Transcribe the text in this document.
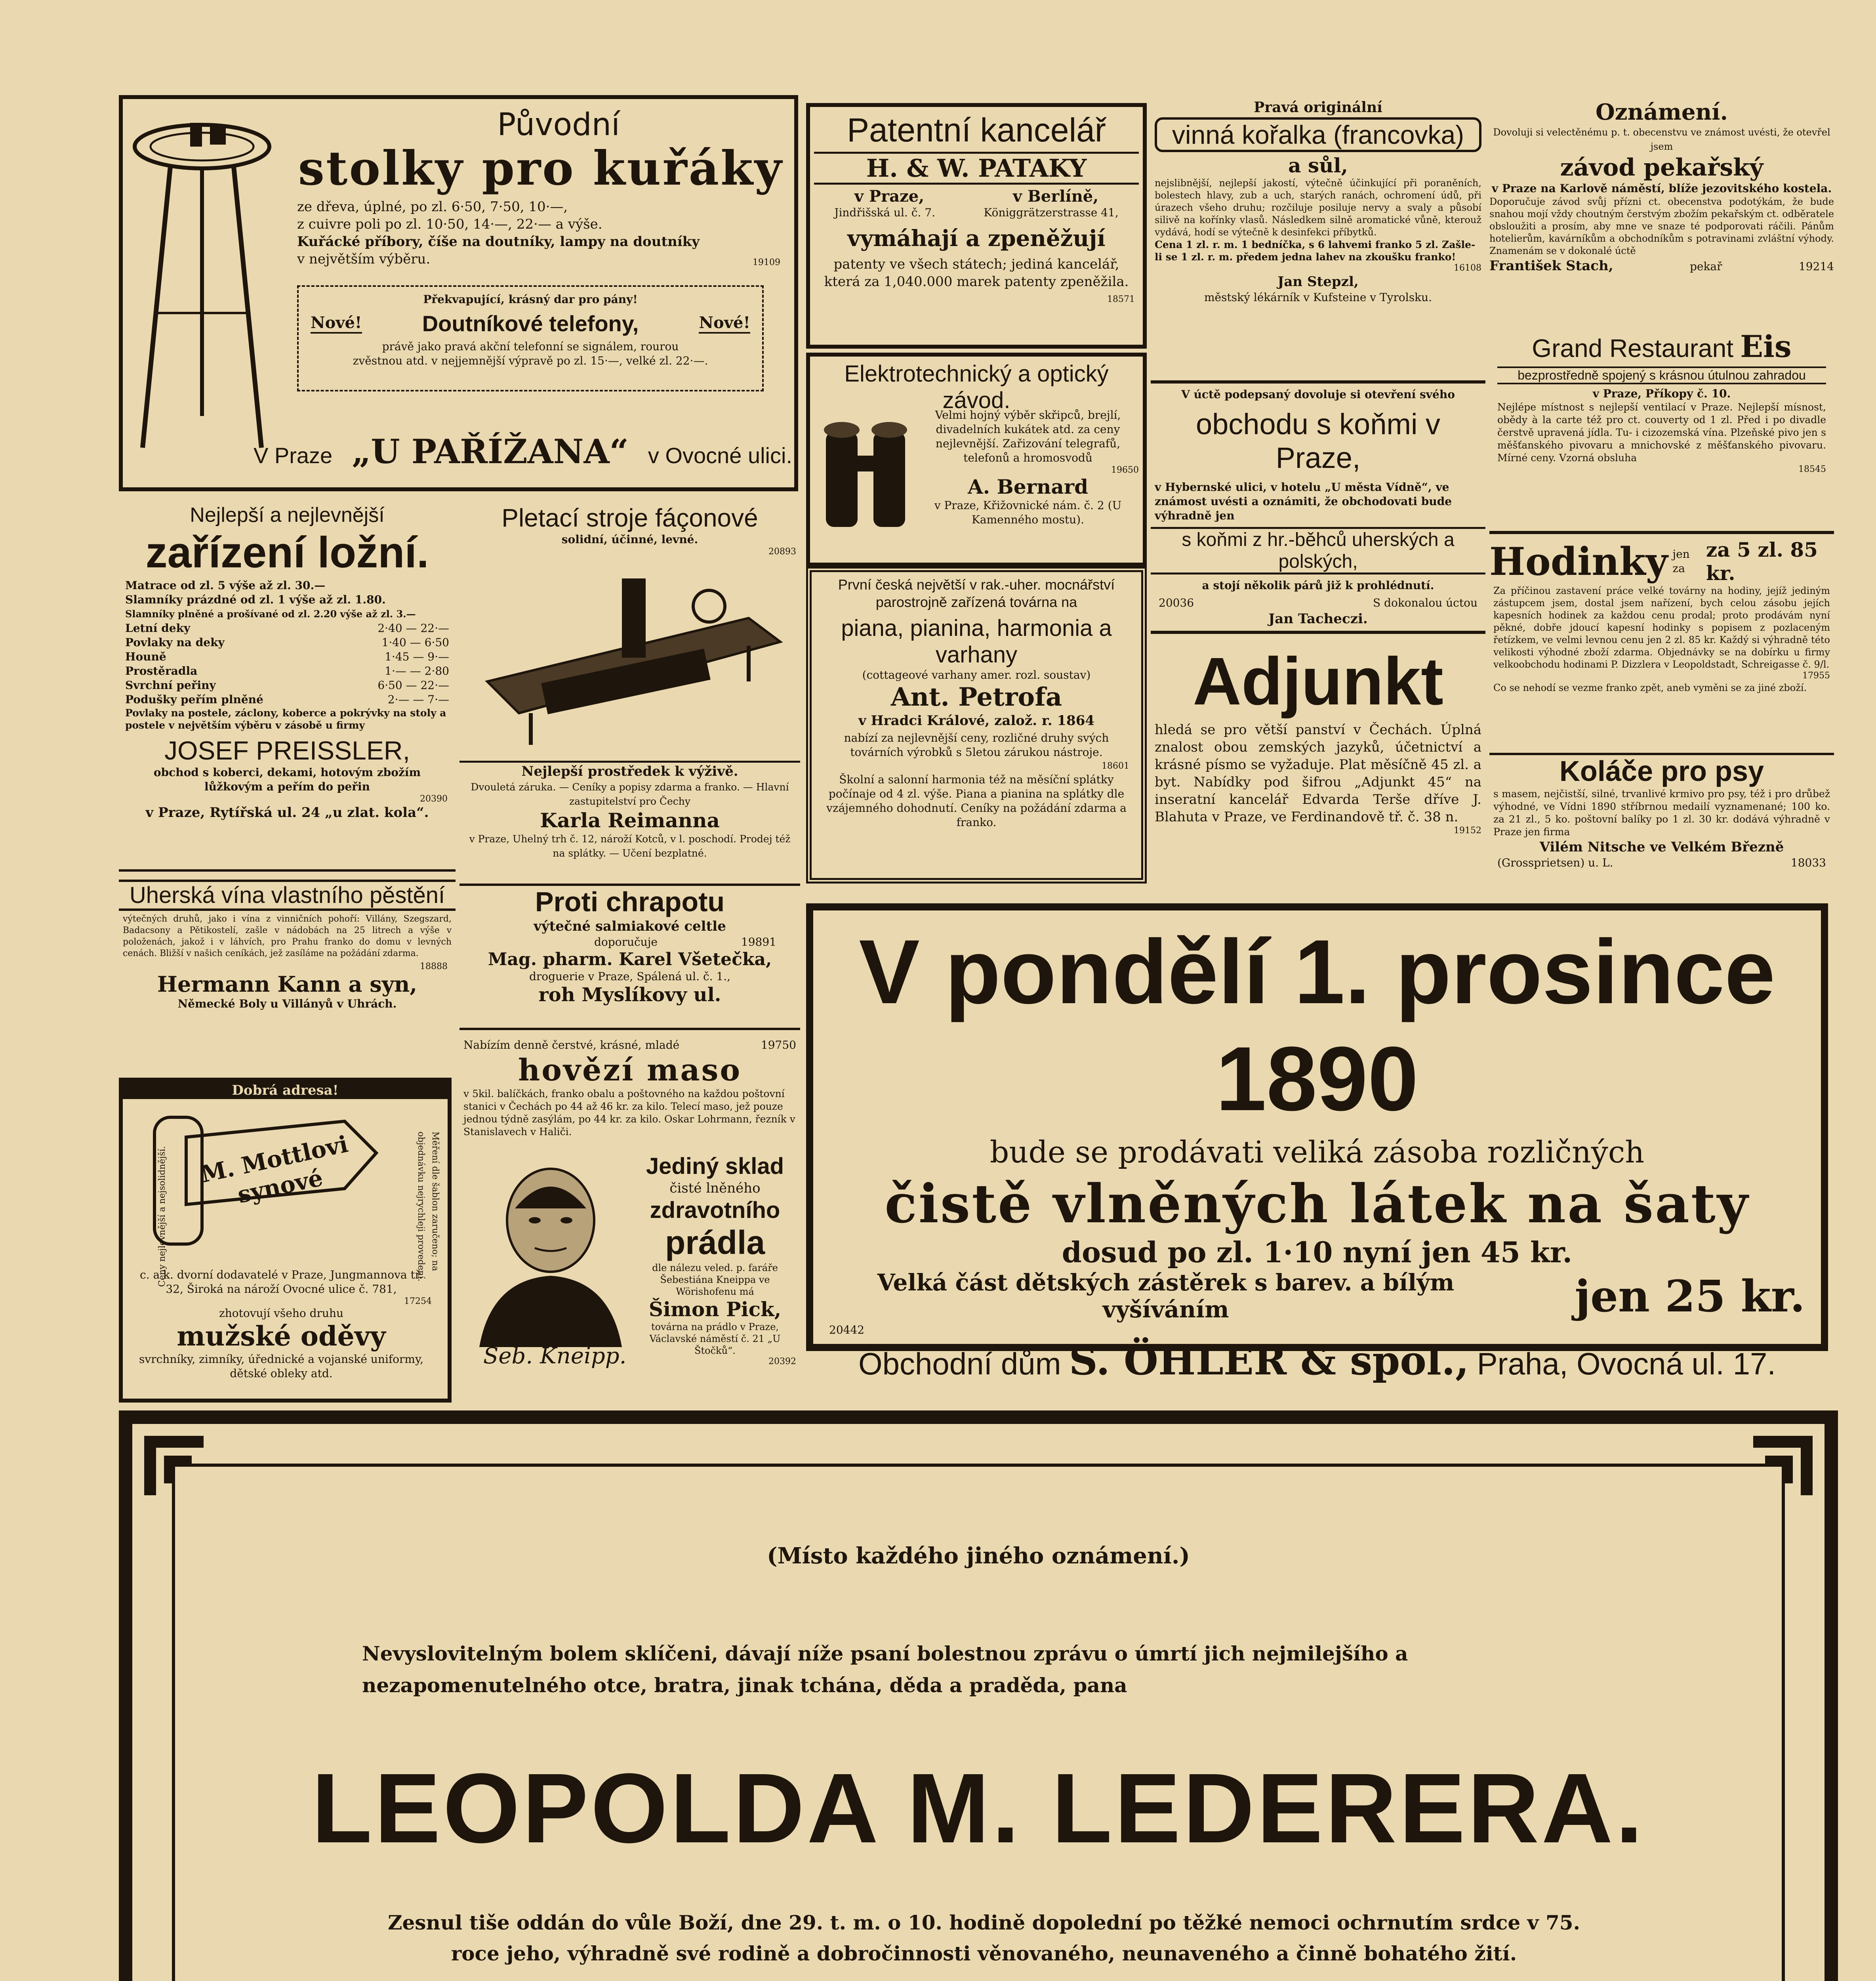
Původní
stolky pro kuřáky

ze dřeva, úplné, po zl. 6·50, 7·50, 10·—,

z cuivre poli po zl. 10·50, 14·—, 22·— a výše.

Kuřácké příbory, číše na doutníky, lampy na doutníky

v největším výběru.	19109
Překvapující, krásný dar pro pány!
Nové!	Doutníkové telefony,	Nové!

právě jako pravá akční telefonní se signálem, rourou

zvěstnou atd. v nejjemnější výpravě po zl. 15·—, velké zl. 22·—.

V Praze „U PAŘÍŽANA“ v Ovocné ulici.
Patentní kancelář
H. & W. PATAKY
v Praze,	v Berlíně,
Jindřišská ul. č. 7.	Königgrätzerstrasse 41,
vymáhají a zpeněžují

patenty ve všech státech; jediná kancelář, která za 1,040.000 marek patenty zpeněžila.

18571
Elektrotechnický a optický závod.

Velmi hojný výběr skřipců, brejlí, divadelních kukátek atd. za ceny nejlevnější. Zařizování telegrafů, telefonů a hromosvodů

19650
A. Bernard

v Praze, Křižovnické nám. č. 2 (U Kamenného mostu).

První česká největší v rak.-uher. mocnářství parostrojně zařízená továrna na

piana, pianina, harmonia a varhany
(cottageové varhany amer. rozl. soustav)
Ant. Petrofa
v Hradci Králové, založ. r. 1864

nabízí za nejlevnější ceny, rozličné druhy svých továrních výrobků s 5letou zárukou nástroje.

18601

Školní a salonní harmonia též na měsíční splátky počínaje od 4 zl. výše. Piana a pianina na splátky dle vzájemného dohodnutí. Ceníky na požádání zdarma a franko.

Pravá originální
vinná kořalka (francovka)
a sůl,

nejslibnější, nejlepší jakostí, výtečně účinkující při poraněních, bolestech hlavy, zub a uch, starých ranách, ochromení údů, při úrazech všeho druhu; rozčiluje posiluje nervy a svaly a působí silivě na kořínky vlasů. Následkem silně aromatické vůně, kterouž vydává, hodí se výtečně k desinfekci příbytků.

Cena 1 zl. r. m. 1 bedníčka, s 6 lahvemi franko 5 zl. Zašle-li se 1 zl. r. m. předem jedna lahev na zkoušku franko!

16108
Jan Stepzl,
městský lékárník v Kufsteine v Tyrolsku.
V úctě podepsaný dovoluje si otevření svého
obchodu s koňmi v Praze,

v Hybernské ulici, v hotelu „U města Vídně“, ve známost uvésti a oznámiti, že obchodovati bude výhradně jen

s koňmi z hr.-běhců uherských a polských,
a stojí několik párů již k prohlédnutí.
20036	S dokonalou úctou
Jan Tacheczi.
Adjunkt

hledá se pro větší panství v Čechách. Úplná znalost obou zemských jazyků, účetnictví a krásné písmo se vyžaduje. Plat měsíčně 45 zl. a byt. Nabídky pod šifrou „Adjunkt 45“ na inseratní kancelář Edvarda Terše dříve J. Blahuta v Praze, ve Ferdinandově tř. č. 38 n.

19152
Oznámení.

Dovoluji si velectěnému p. t. obecenstvu ve známost uvésti, že otevřel jsem

závod pekařský
v Praze na Karlově náměstí, blíže jezovitského kostela.

Doporučuje závod svůj přízni ct. obecenstva podotýkám, že bude snahou mojí vždy choutným čerstvým zbožím pekařským ct. odběratele obsloužiti a prosím, aby mne ve snaze té podporovati ráčili. Pánům hotelierům, kavárníkům a obchodníkům s potravinami zvláštní výhody. Znamenám se v dokonalé úctě

František Stach,	pekař	19214
Grand Restaurant Eis
bezprostředně spojený s krásnou útulnou zahradou
v Praze, Příkopy č. 10.

Nejlépe místnost s nejlepší ventilací v Praze. Nejlepší mísnost, obědy à la carte též pro ct. couverty od 1 zl. Před i po divadle čerstvě upravená jídla. Tu- i cizozemská vína. Plzeňské pivo jen s měšťanského pivovaru a mnichovské z měšťanského pivovaru. Mírné ceny. Vzorná obsluha

18545
Hodinky jen za
za 5 zl. 85 kr.

Za příčinou zastavení práce velké továrny na hodiny, jejíž jediným zástupcem jsem, dostal jsem nařízení, bych celou zásobu jejích kapesních hodinek za každou cenu prodal; proto prodávám nyní pěkné, dobře jdoucí kapesní hodinky s popisem z pozlaceným řetízkem, ve velmi levnou cenu jen 2 zl. 85 kr. Každý si výhradně této velikosti výhodné zboží zdarma. Objednávky se na dobírku u firmy velkoobchodu hodinami P. Dizzlera v Leopoldstadt, Schreigasse č. 9/l.

17955

Co se nehodí se vezme franko zpět, aneb vyměni se za jiné zboží.

Koláče pro psy

s masem, nejčistší, silné, trvanlivé krmivo pro psy, též i pro drůbež výhodné, ve Vídni 1890 stříbrnou medailí vyznamenané; 100 ko. za 21 zl., 5 ko. poštovní balíky po 1 zl. 30 kr. dodává výhradně v Praze jen firma

Vilém Nitsche ve Velkém Březně
(Grossprietsen) u. L.	18033
Nejlepší a nejlevnější
zařízení ložní.
Matrace od zl. 5 výše až zl. 30.—
Slamníky prázdné od zl. 1 výše až zl. 1.80.
Slamníky plněné a prošívané od zl. 2.20 výše až zl. 3.—
Letní deky	2·40 — 22·—
Povlaky na deky	1·40 — 6·50
Houně	1·45 — 9·—
Prostěradla	1·— — 2·80
Svrchní peřiny	6·50 — 22·—
Podušky peřím plněné	2·— — 7·—

Povlaky na postele, záclony, koberce a pokrývky na stoly a postele v největším výběru v zásobě u firmy

JOSEF PREISSLER,

obchod s koberci, dekami, hotovým zbožím lůžkovým a peřím do peřin

20390
v Praze, Rytířská ul. 24 „u zlat. kola“.
Uherská vína vlastního pěstění

výtečných druhů, jako i vína z vinničních pohoří: Villány, Szegszard, Badacsony a Pětikostelí, zašle v nádobách na 25 litrech a výše v položenách, jakož i v láhvích, pro Prahu franko do domu v levných cenách. Bližší v našich ceníkách, jež zasíláme na požádání zdarma.

18888
Hermann Kann a syn,
Německé Boly u Villányů v Uhrách.
Dobrá adresa!
M. Mottlovi synové
Ceny nejlevnější a nejsolidnější.	Měření dle šablon zaručeno; na objednávku nejrychleji provedení.

c. a k. dvorní dodavatelé v Praze, Jungmannova tř. 32, Široká na nároží Ovocné ulice č. 781,

17254
zhotovují všeho druhu
mužské oděvy

svrchníky, zimníky, úřednické a vojanské uniformy, dětské obleky atd.

Pletací stroje fáçonové
solidní, účinné, levné.
20893
Nejlepší prostředek k výživě.

Dvouletá záruka. — Ceníky a popisy zdarma a franko. — Hlavní zastupitelství pro Čechy

Karla Reimanna

v Praze, Uhelný trh č. 12, nároží Kotců, v l. poschodí. Prodej též na splátky. — Učení bezplatné.

Proti chrapotu
výtečné salmiakové celtle
doporučuje	19891
Mag. pharm. Karel Všetečka,
droguerie v Praze, Spálená ul. č. 1.,
roh Myslíkovy ul.
Nabízím denně čerstvé, krásné, mladé	19750
hovězí maso

v 5kil. balíčkách, franko obalu a poštovného na každou poštovní stanici v Čechách po 44 až 46 kr. za kilo. Telecí maso, jež pouze jednou týdně zasýlám, po 44 kr. za kilo. Oskar Lohrmann, řezník v Stanislavech v Haliči.

Seb. Kneipp.
Jediný sklad
čisté lněného
zdravotního
prádla

dle nálezu veled. p. faráře Šebestiána Kneippa ve Wörishofenu má

Šimon Pick,

továrna na prádlo v Praze, Václavské náměstí č. 21 „U Štočků“.

20392
V pondělí 1. prosince 1890
bude se prodávati veliká zásoba rozličných
čistě vlněných látek na šaty
dosud po zl. 1·10 nyní jen 45 kr.
Velká část dětských zástěrek s barev. a bílým vyšíváním	jen 25 kr.
20442
Obchodní dům S. ÖHLER & spol., Praha, Ovocná ul. 17.
(Místo každého jiného oznámení.)

Nevyslovitelným bolem sklíčeni, dávají níže psaní bolestnou zprávu o úmrtí jich nejmilejšího a nezapomenutelného otce, bratra, jinak tchána, děda a praděda, pana

LEOPOLDA M. LEDERERA.

Zesnul tiše oddán do vůle Boží, dne 29. t. m. o 10. hodině dopolední po těžké nemoci ochrnutím srdce v 75. roce jeho, výhradně své rodině a dobročinnosti věnovaného, neunaveného a činně bohatého žití.
